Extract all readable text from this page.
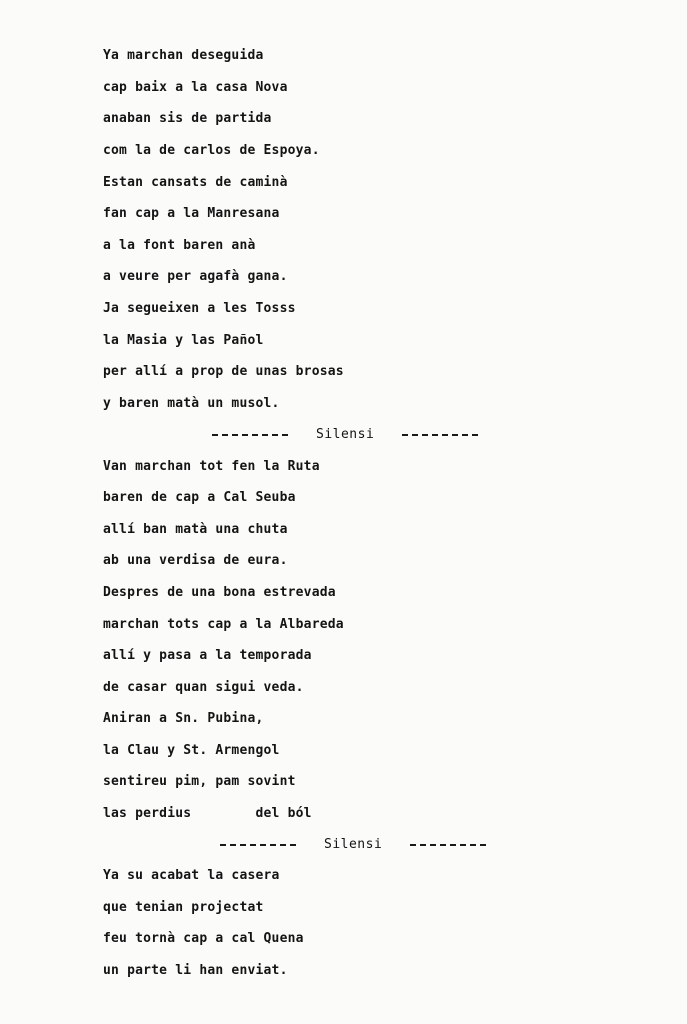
Ya marchan deseguida
cap baix a la casa Nova
anaban sis de partida
com la de carlos de Espoya.
Estan cansats de caminà
fan cap a la Manresana
a la font baren anà
a veure per agafà gana.
Ja segueixen a les Tosss
la Masia y las Pañol
per allí a prop de unas brosas
y baren matà un musol.
Silensi
Van marchan tot fen la Ruta
baren de cap a Cal Seuba
allí ban matà una chuta
ab una verdisa de eura.
Despres de una bona estrevada
marchan tots cap a la Albareda
allí y pasa a la temporada
de casar quan sigui veda.
Aniran a Sn. Pubina,
la Clau y St. Armengol
sentireu pim, pam sovint
las perdius        del ból
Silensi
Ya su acabat la casera
que tenian projectat
feu tornà cap a cal Quena
un parte li han enviat.
